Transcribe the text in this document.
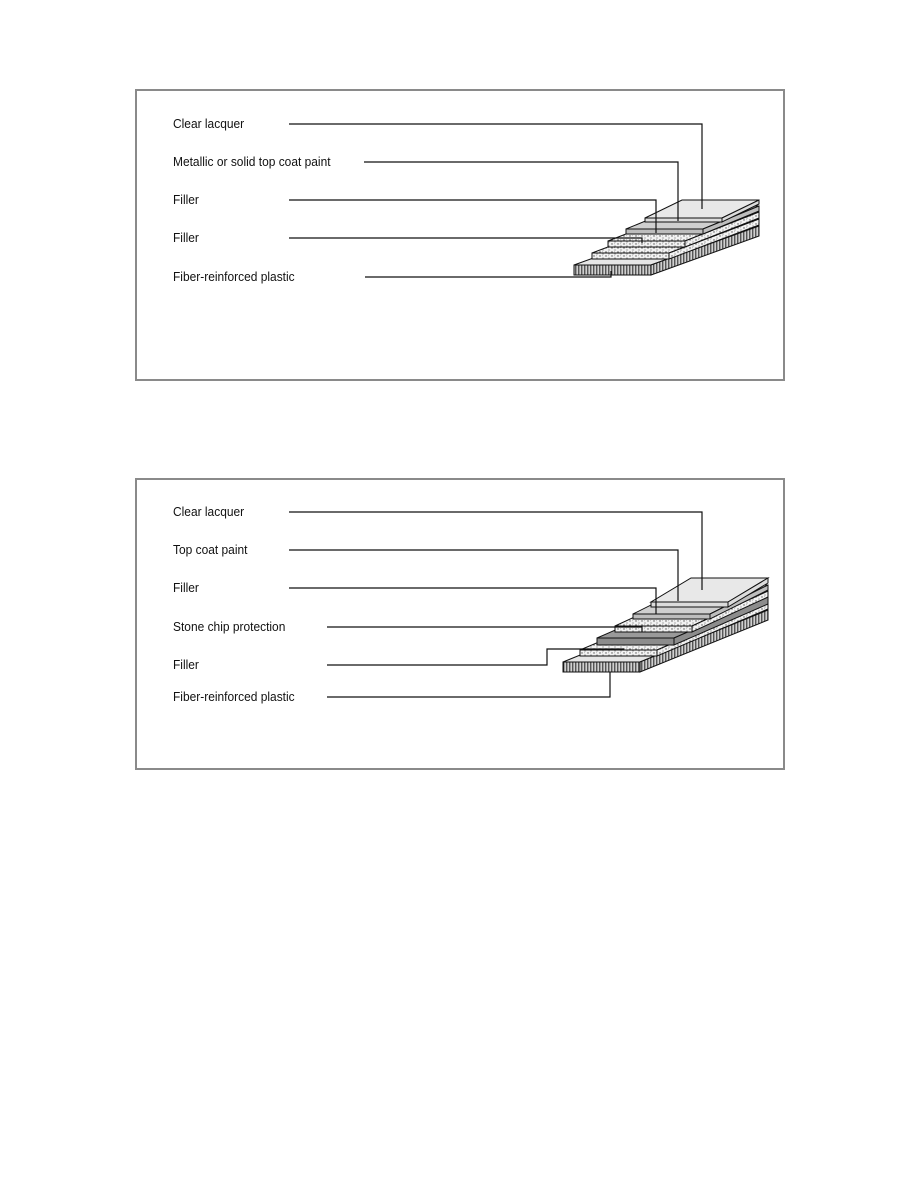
Clear lacquer
Metallic or solid top coat paint
Filler
Filler
Fiber-reinforced plastic
Clear lacquer
Top coat paint
Filler
Stone chip protection
Filler
Fiber-reinforced plastic
